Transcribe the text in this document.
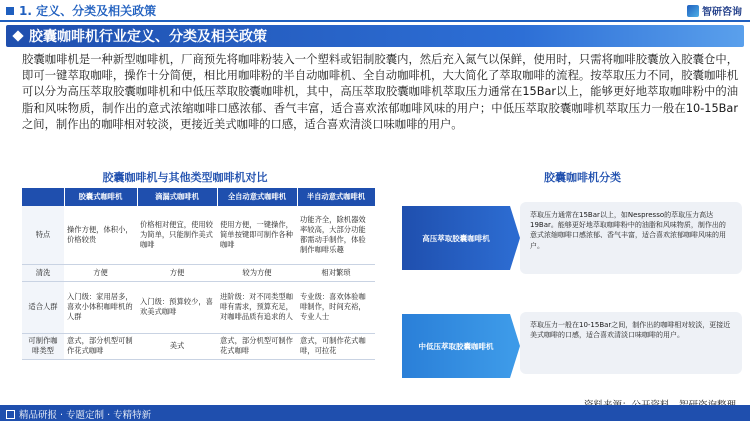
1. 定义、分类及相关政策	智研咨询
胶囊咖啡机行业定义、分类及相关政策
胶囊咖啡机是一种新型咖啡机，厂商预先将咖啡粉装入一个塑料或铝制胶囊内，然后充入氮气以保鲜，使用时，只需将咖啡胶囊放入胶囊仓中，即可一键萃取咖啡，操作十分简便，相比用咖啡粉的半自动咖啡机、全自动咖啡机，大大简化了萃取咖啡的流程。按萃取压力不同，胶囊咖啡机可以分为高压萃取胶囊咖啡机和中低压萃取胶囊咖啡机，其中，高压萃取胶囊咖啡机萃取压力通常在15Bar以上，能够更好地萃取咖啡粉中的油脂和风味物质，制作出的意式浓缩咖啡口感浓郁、香气丰富，适合喜欢浓郁咖啡风味的用户；中低压萃取胶囊咖啡机萃取压力一般在10-15Bar之间，制作出的咖啡相对较淡，更接近美式咖啡的口感，适合喜欢清淡口味咖啡的用户。
胶囊咖啡机与其他类型咖啡机对比	胶囊咖啡机分类
	胶囊式咖啡机	滴漏式咖啡机	全自动意式咖啡机	半自动意式咖啡机
特点	操作方便，体积小，价格较贵	价格相对便宜，使用较为简单，只能制作美式咖啡	使用方便，一键操作，简单按键即可制作各种咖啡	功能齐全，除机器效率较高，大部分功能都需动手制作，体验制作咖啡乐趣
清洗	方便	方便	较为方便	相对繁琐
适合人群	入门级：家用居多，喜欢小体积咖啡机的人群	入门级：预算较少，喜欢美式咖啡	进阶级：对不同类型咖啡有需求，预算充足，对咖啡品质有追求的人	专业级：喜欢体验咖啡制作，时间充裕，专业人士
可制作咖啡类型	意式，部分机型可制作花式咖啡	美式	意式，部分机型可制作花式咖啡	意式，可制作花式咖啡，可拉花
高压萃取胶囊咖啡机
萃取压力通常在15Bar以上，如Nespresso的萃取压力高达19Bar。能够更好地萃取咖啡粉中的油脂和风味物质，制作出的意式浓缩咖啡口感浓郁、香气丰富，适合喜欢浓郁咖啡风味的用户。
中低压萃取胶囊咖啡机
萃取压力一般在10-15Bar之间，制作出的咖啡相对较淡，更接近美式咖啡的口感，适合喜欢清淡口味咖啡的用户。
精品研报 · 专题定制 · 专精特新
